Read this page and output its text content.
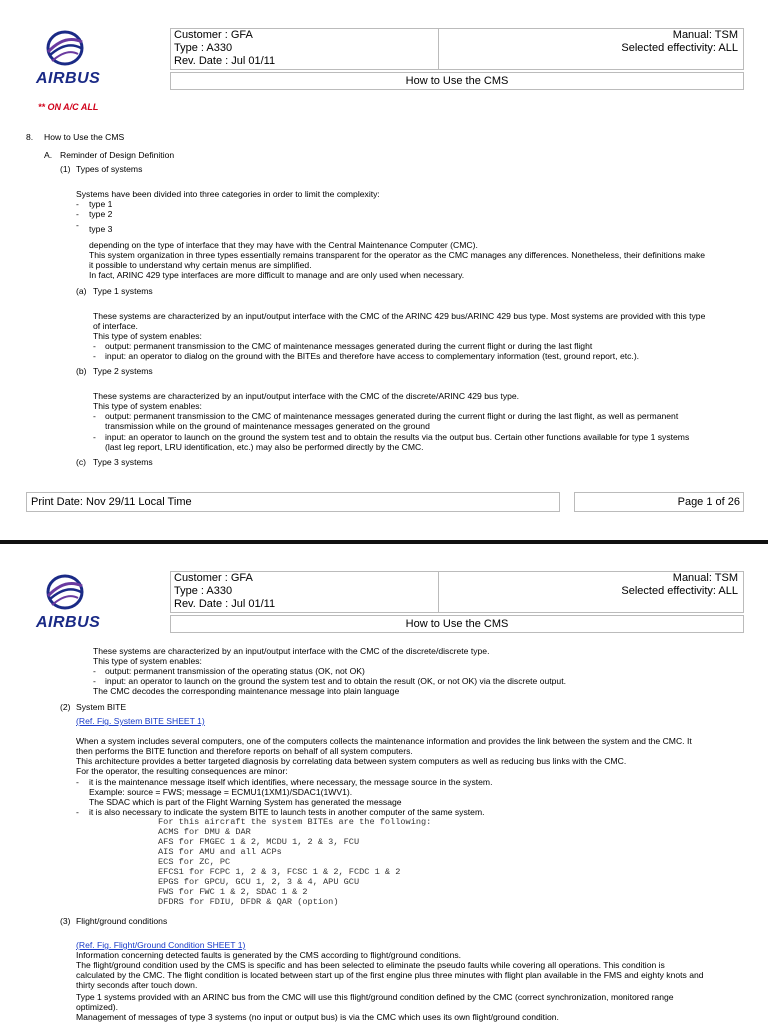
AIRBUS
Customer : GFA
Type : A330
Rev. Date : Jul 01/11
Manual: TSM
Selected effectivity: ALL
How to Use the CMS
** ON A/C ALL
8. How to Use the CMS
A. Reminder of Design Definition
(1) Types of systems
Systems have been divided into three categories in order to limit the complexity:
- type 1
- type 2
- type 3
depending on the type of interface that they may have with the Central Maintenance Computer (CMC).
This system organization in three types essentially remains transparent for the operator as the CMC manages any differences. Nonetheless, their definitions make
it possible to understand why certain menus are simplified.
In fact, ARINC 429 type interfaces are more difficult to manage and are only used when necessary.
(a) Type 1 systems
These systems are characterized by an input/output interface with the CMC of the ARINC 429 bus/ARINC 429 bus type. Most systems are provided with this type
of interface.
This type of system enables:
- output: permanent transmission to the CMC of maintenance messages generated during the current flight or during the last flight
- input: an operator to dialog on the ground with the BITEs and therefore have access to complementary information (test, ground report, etc.).
(b) Type 2 systems
These systems are characterized by an input/output interface with the CMC of the discrete/ARINC 429 bus type.
This type of system enables:
- output: permanent transmission to the CMC of maintenance messages generated during the current flight or during the last flight, as well as permanent
transmission while on the ground of maintenance messages generated on the ground
- input: an operator to launch on the ground the system test and to obtain the results via the output bus. Certain other functions available for type 1 systems
(last leg report, LRU identification, etc.) may also be performed directly by the CMC.
(c) Type 3 systems
Print Date: Nov 29/11 Local Time	Page 1 of 26
AIRBUS
Customer : GFA
Type : A330
Rev. Date : Jul 01/11
Manual: TSM
Selected effectivity: ALL
How to Use the CMS
These systems are characterized by an input/output interface with the CMC of the discrete/discrete type.
This type of system enables:
- output: permanent transmission of the operating status (OK, not OK)
- input: an operator to launch on the ground the system test and to obtain the result (OK, or not OK) via the discrete output.
The CMC decodes the corresponding maintenance message into plain language
(2) System BITE
(Ref. Fig. System BITE SHEET 1)
When a system includes several computers, one of the computers collects the maintenance information and provides the link between the system and the CMC. It
then performs the BITE function and therefore reports on behalf of all system computers.
This architecture provides a better targeted diagnosis by correlating data between system computers as well as reducing bus links with the CMC.
For the operator, the resulting consequences are minor:
- it is the maintenance message itself which identifies, where necessary, the message source in the system.
Example: source = FWS; message = ECMU1(1XM1)/SDAC1(1WV1).
The SDAC which is part of the Flight Warning System has generated the message
- it is also necessary to indicate the system BITE to launch tests in another computer of the same system.
For this aircraft the system BITEs are the following:
ACMS for DMU & DAR
AFS for FMGEC 1 & 2, MCDU 1, 2 & 3, FCU
AIS for AMU and all ACPs
ECS for ZC, PC
EFCS1 for FCPC 1, 2 & 3, FCSC 1 & 2, FCDC 1 & 2
EPGS for GPCU, GCU 1, 2, 3 & 4, APU GCU
FWS for FWC 1 & 2, SDAC 1 & 2
DFDRS for FDIU, DFDR & QAR (option)
(3) Flight/ground conditions
(Ref. Fig. Flight/Ground Condition SHEET 1)
Information concerning detected faults is generated by the CMS according to flight/ground conditions.
The flight/ground condition used by the CMS is specific and has been selected to eliminate the pseudo faults while covering all operations. This condition is
calculated by the CMC. The flight condition is located between start up of the first engine plus three minutes with flight plan available in the FMS and eighty knots and
thirty seconds after touch down.
Type 1 systems provided with an ARINC bus from the CMC will use this flight/ground condition defined by the CMC (correct synchronization, monitored range
optimized).
Management of messages of type 3 systems (no input or output bus) is via the CMC which uses its own flight/ground condition.
